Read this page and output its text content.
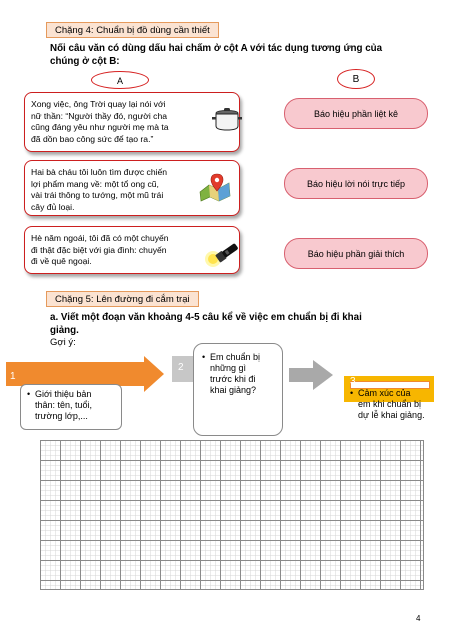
Chặng 4: Chuẩn bị đồ dùng cần thiết
Nối câu văn có dùng dấu hai chấm ở cột A với tác dụng tương ứng của
chúng ở cột B:
A	B
Xong việc, ông Trời quay lại nói với
nữ thần: “Người thầy đó, người cha
cũng đáng yêu như người mẹ mà ta
đã dồn bao công sức để tạo ra.”
Hai bà cháu tôi luôn tìm được chiến
lợi phẩm mang về: một tổ ong cũ,
vài trái thông to tướng, một mũ trái
cây đủ loại.
Hè năm ngoái, tôi đã có một chuyến
đi thật đặc biệt với gia đình: chuyến
đi về quê ngoại.
Báo hiệu phần liệt kê
Báo hiệu lời nói trực tiếp
Báo hiệu phần giải thích
Chặng 5: Lên đường đi cắm trại
a. Viết một đoạn văn khoảng 4-5 câu kể về việc em chuẩn bị đi khai
giảng.
Gợi ý:
1
• Giới thiệu bản
thân: tên, tuổi,
trường lớp,...
2
• Em chuẩn bị
những gì
trước khi đi
khai giảng?
3
• Cảm xúc của
em khi chuẩn bị
dự lễ khai giảng.
4
